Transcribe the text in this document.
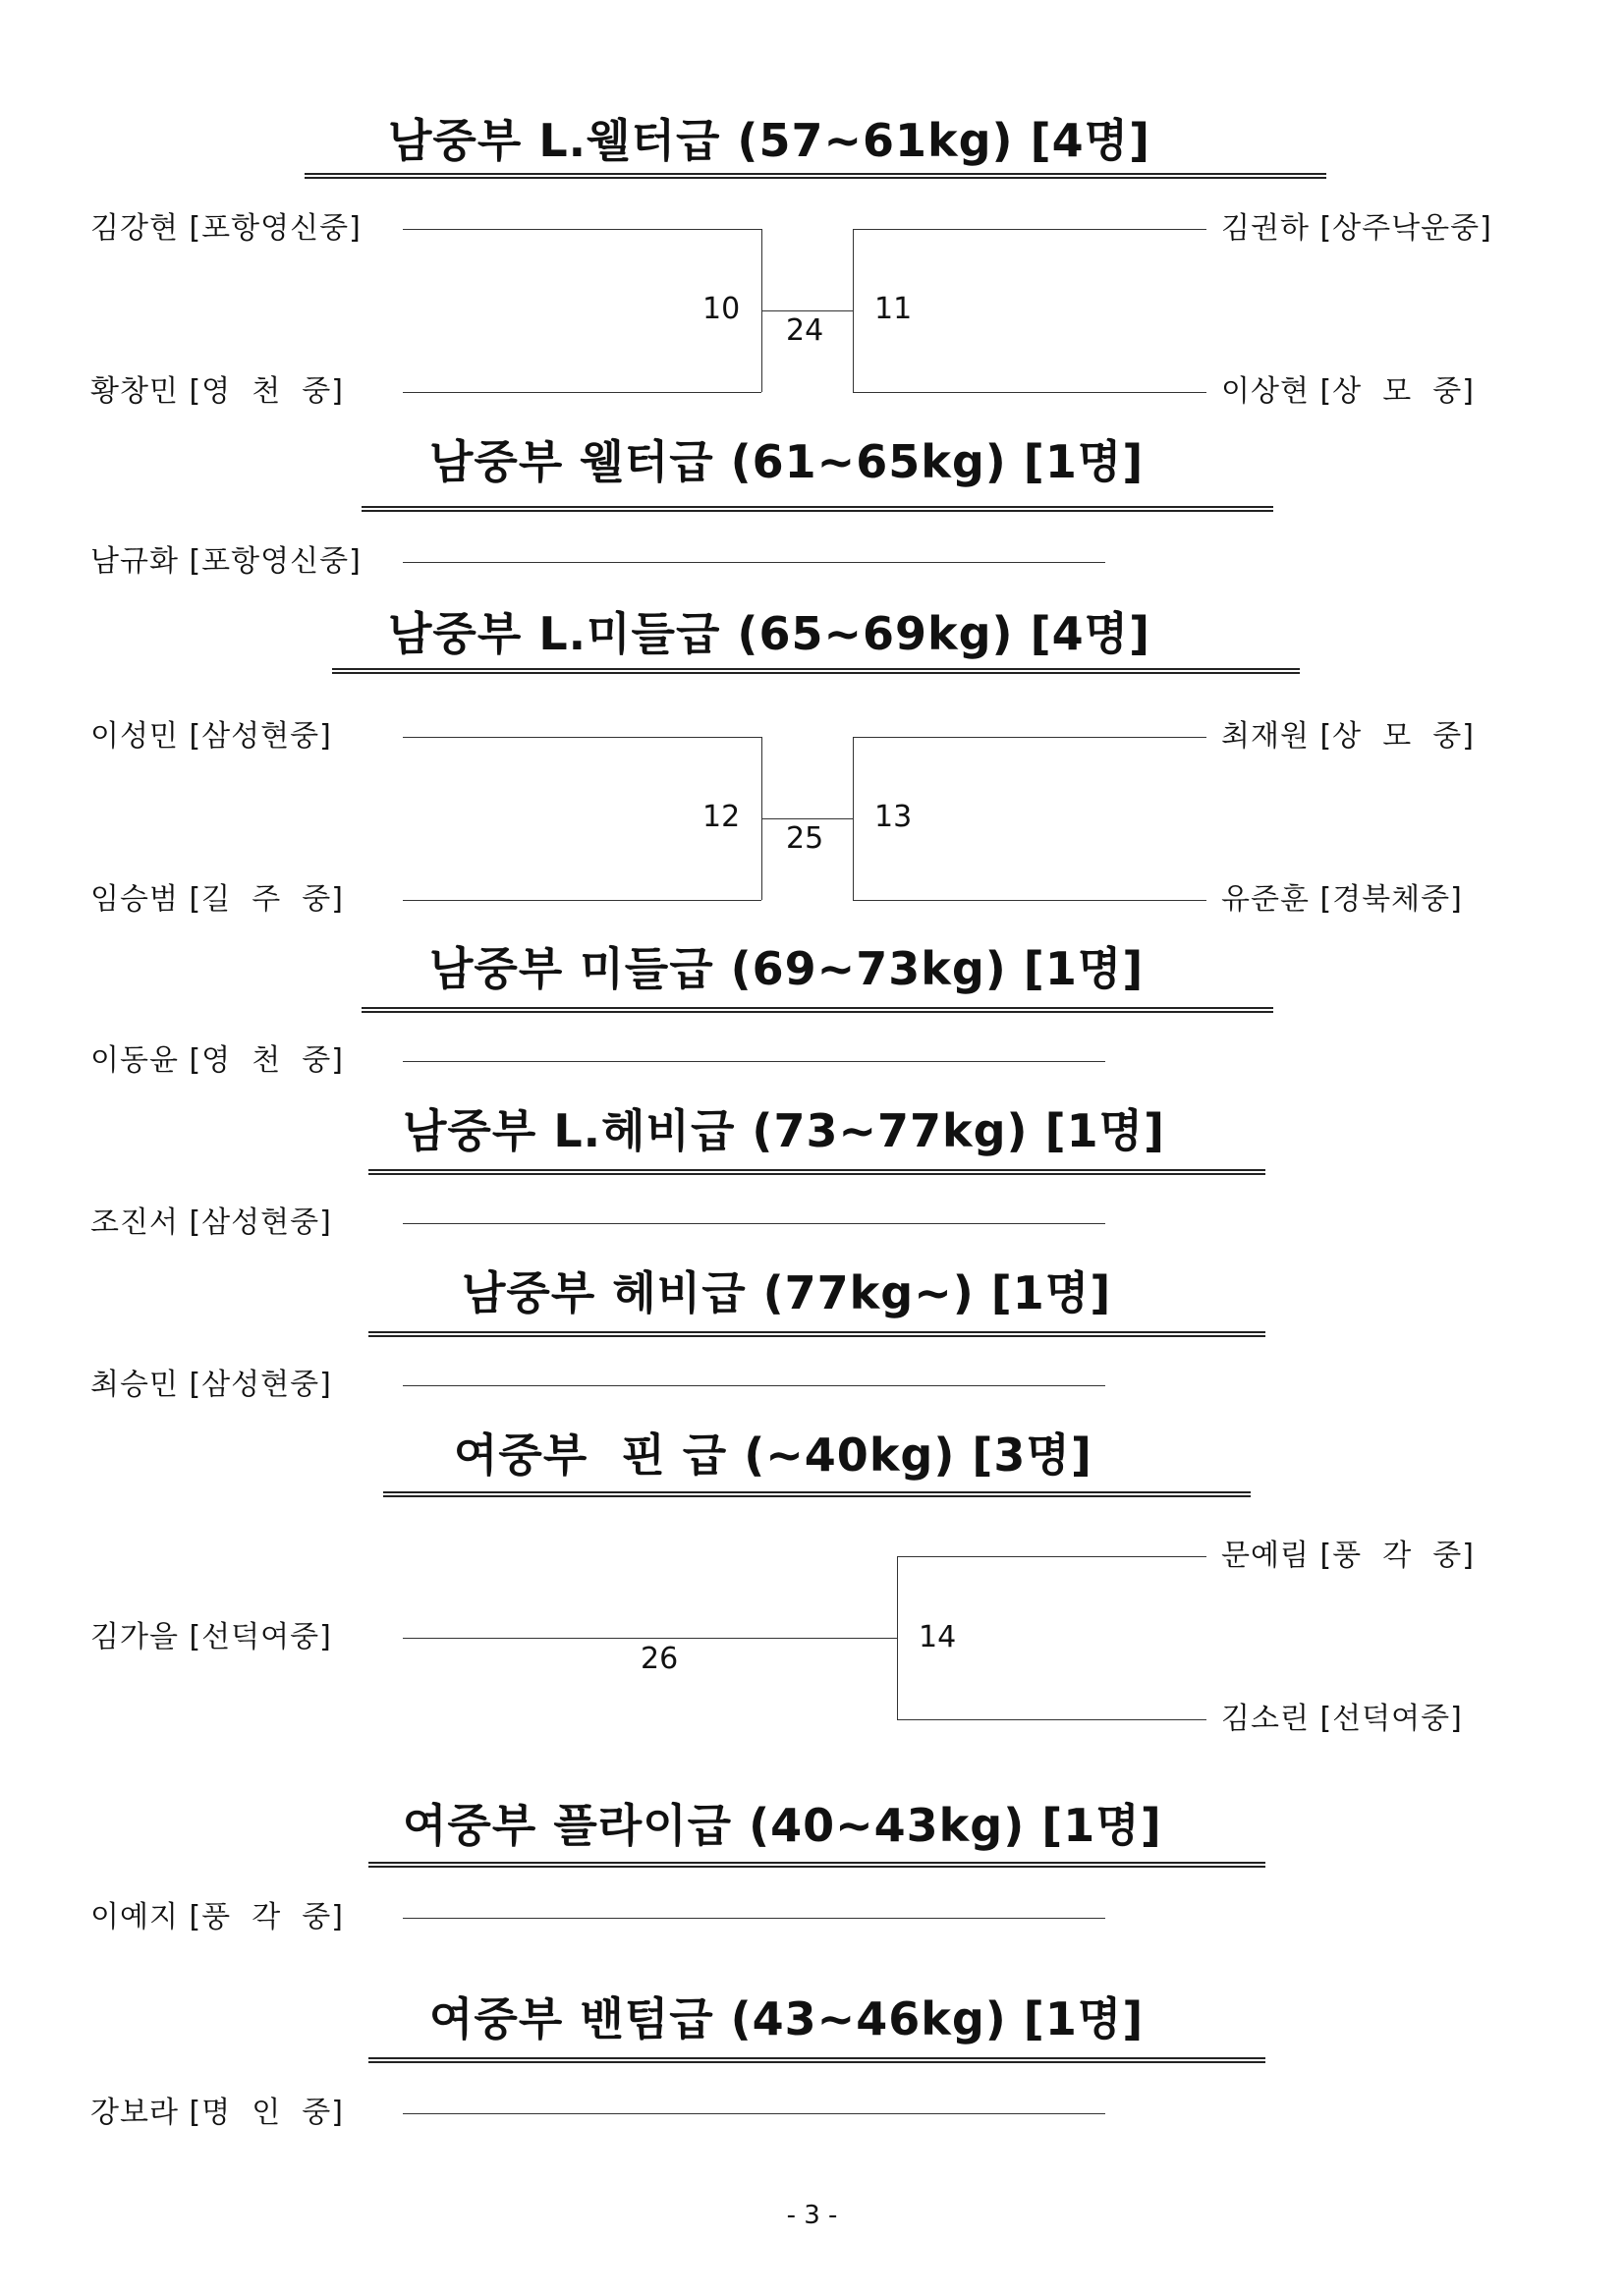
남중부 L.웰터급 (57~61kg) [4명]
김강현 [포항영신중]
황창민 [영  천  중]
김권하 [상주낙운중]
이상현 [상  모  중]
10	11
24
남중부 웰터급 (61~65kg) [1명]
남규화 [포항영신중]
남중부 L.미들급 (65~69kg) [4명]
이성민 [삼성현중]
임승범 [길  주  중]
최재원 [상  모  중]
유준훈 [경북체중]
12	13
25
남중부 미들급 (69~73kg) [1명]
이동윤 [영  천  중]
남중부 L.헤비급 (73~77kg) [1명]
조진서 [삼성현중]
남중부 헤비급 (77kg~) [1명]
최승민 [삼성현중]
여중부  핀 급 (~40kg) [3명]
김가을 [선덕여중]
문예림 [풍  각  중]
김소린 [선덕여중]
14
26
여중부 플라이급 (40~43kg) [1명]
이예지 [풍  각  중]
여중부 밴텀급 (43~46kg) [1명]
강보라 [명  인  중]
- 3 -
